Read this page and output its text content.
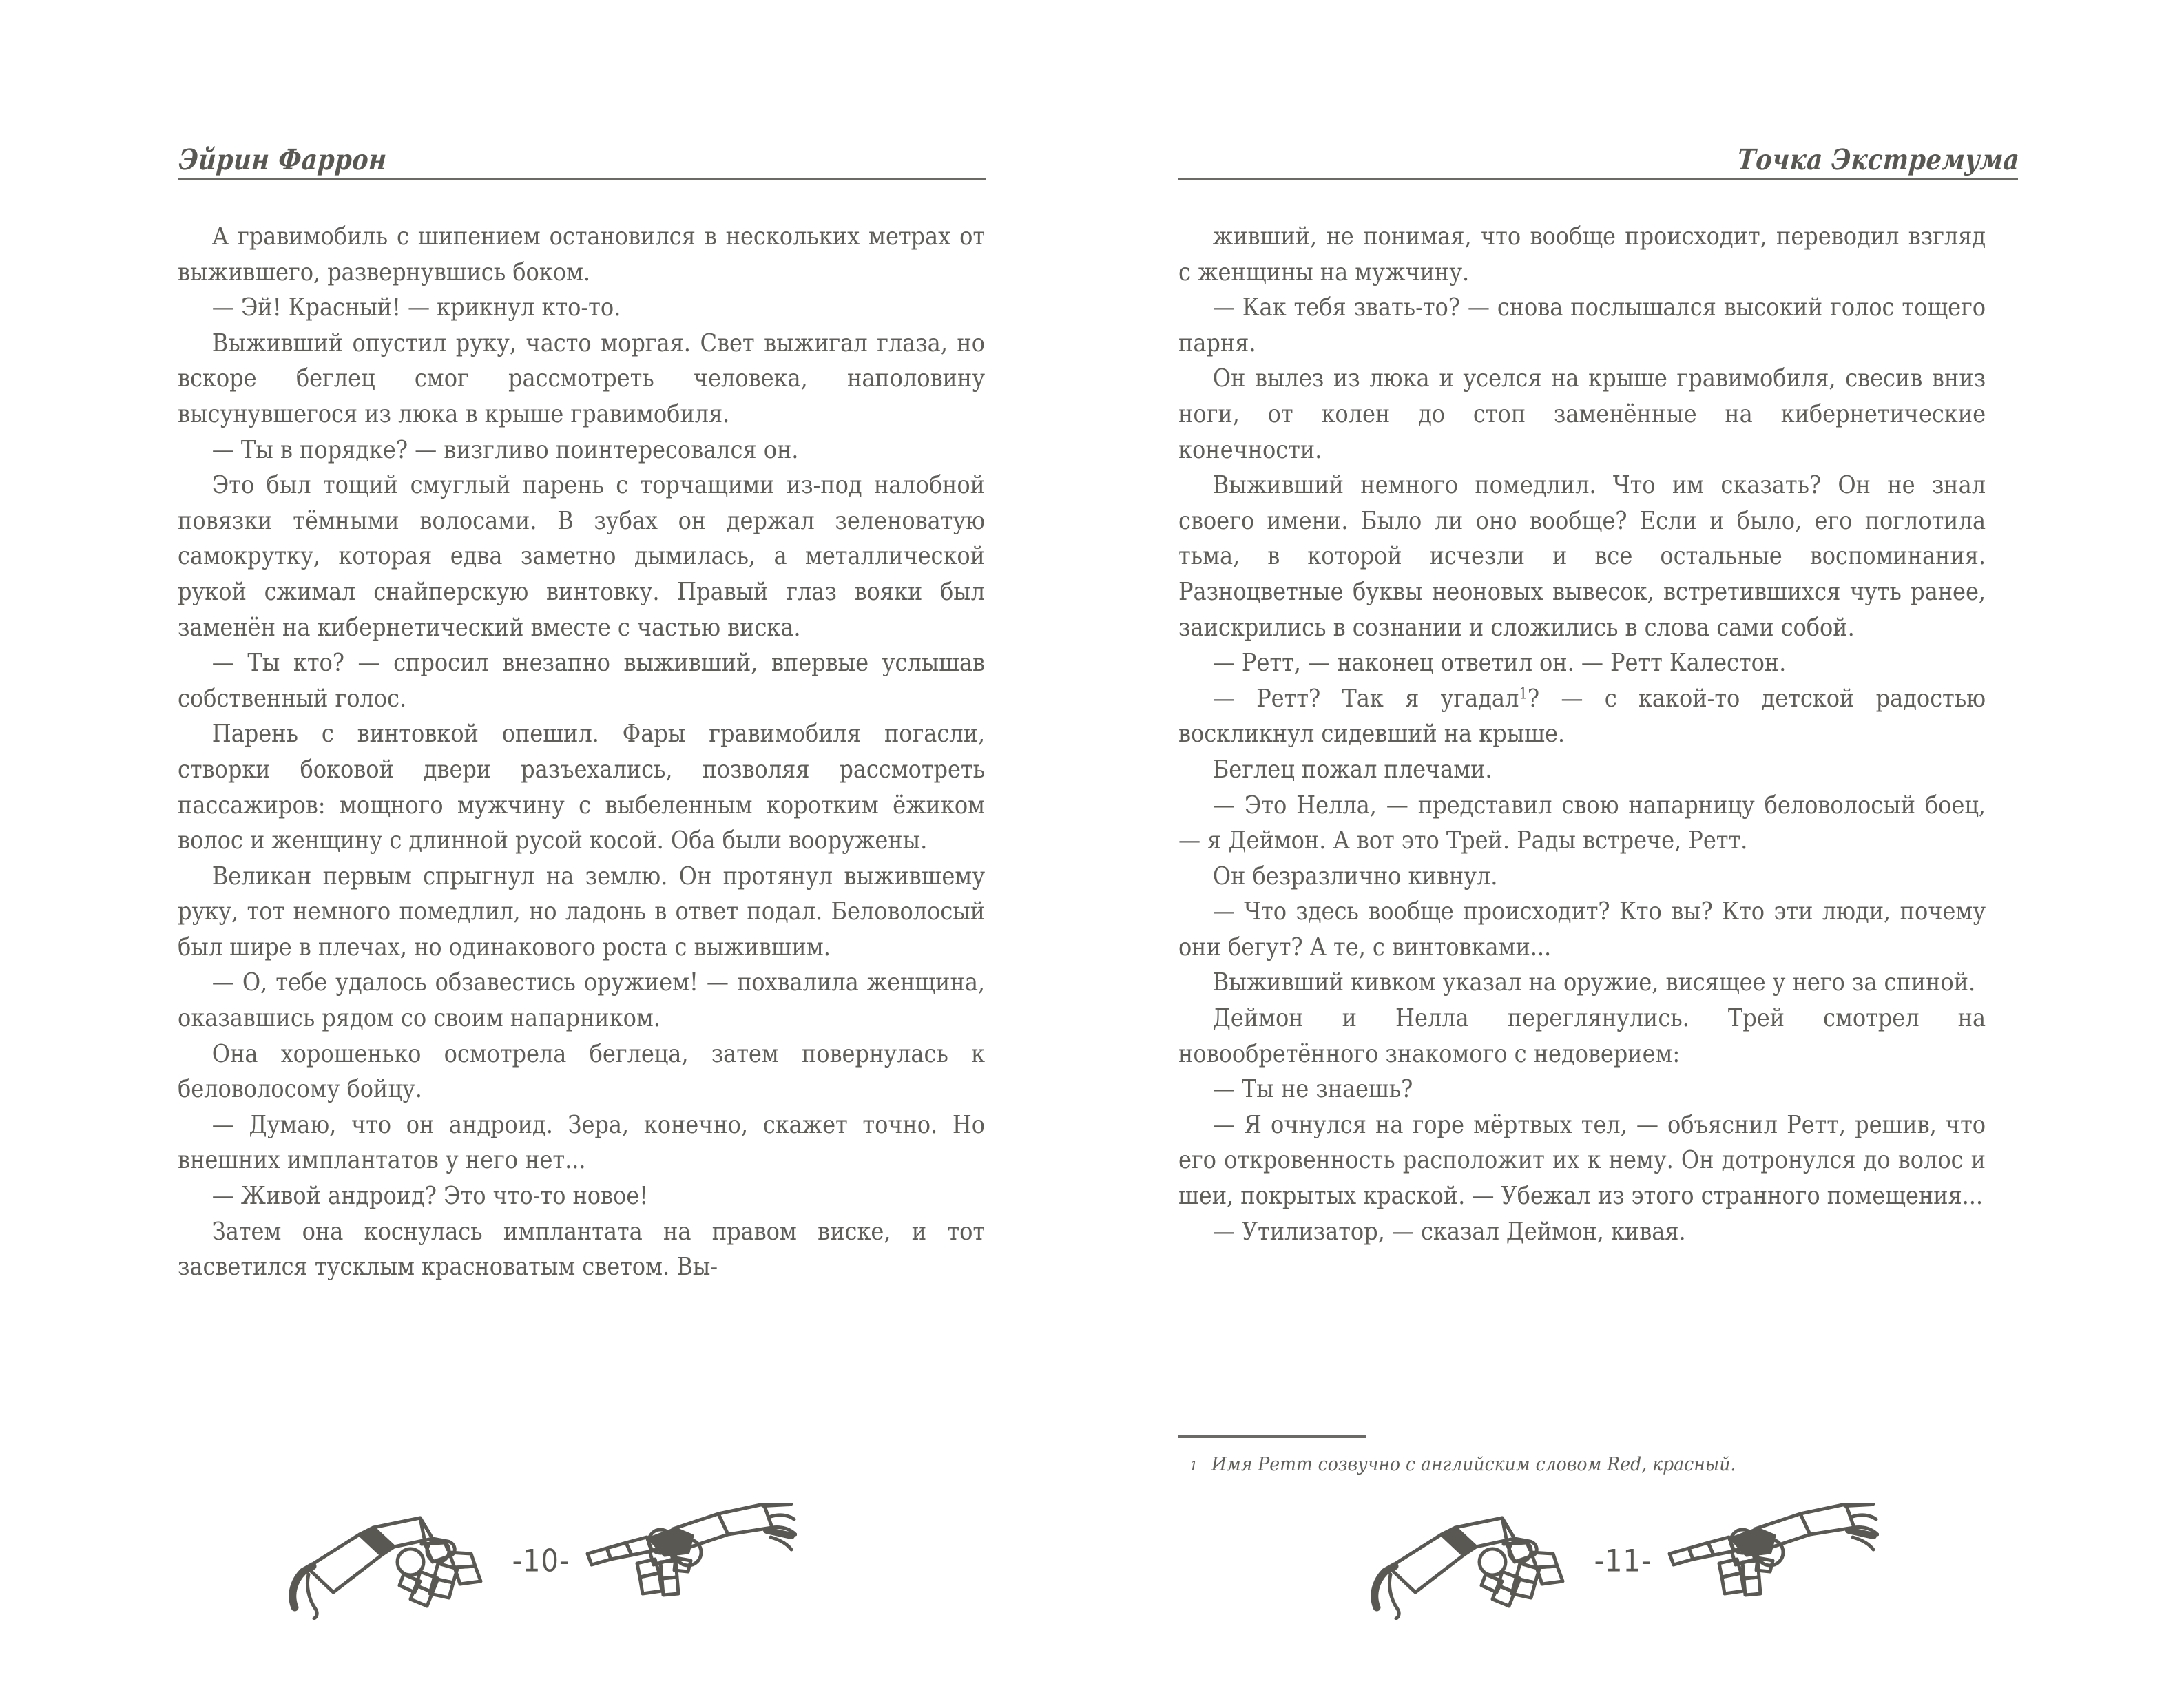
Эйрин Фаррон

А гравимобиль с шипением остановился в нескольких метрах от выжившего, развернувшись боком.

— Эй! Красный! — крикнул кто-то.

Выживший опустил руку, часто моргая. Свет выжигал глаза, но вскоре беглец смог рассмотреть человека, наполовину высунувшегося из люка в крыше гравимобиля.

— Ты в порядке? — визгливо поинтересовался он.

Это был тощий смуглый парень с торчащими из-под налобной повязки тёмными волосами. В зубах он держал зеленоватую самокрутку, которая едва заметно дымилась, а металлической рукой сжимал снайперскую винтовку. Правый глаз вояки был заменён на кибернетический вместе с частью виска.

— Ты кто? — спросил внезапно выживший, впервые услышав собственный голос.

Парень с винтовкой опешил. Фары гравимобиля погасли, створки боковой двери разъехались, позволяя рассмотреть пассажиров: мощного мужчину с выбеленным коротким ёжиком волос и женщину с длинной русой косой. Оба были вооружены.

Великан первым спрыгнул на землю. Он протянул выжившему руку, тот немного помедлил, но ладонь в ответ подал. Беловолосый был шире в плечах, но одинакового роста с выжившим.

— О, тебе удалось обзавестись оружием! — похвалила женщина, оказавшись рядом со своим напарником.

Она хорошенько осмотрела беглеца, затем повернулась к беловолосому бойцу.

— Думаю, что он андроид. Зера, конечно, скажет точно. Но внешних имплантатов у него нет...

— Живой андроид? Это что-то новое!

Затем она коснулась имплантата на правом виске, и тот засветился тусклым красноватым светом. Вы-

-10-
Точка Экстремума

живший, не понимая, что вообще происходит, переводил взгляд с женщины на мужчину.

— Как тебя звать-то? — снова послышался высокий голос тощего парня.

Он вылез из люка и уселся на крыше гравимобиля, свесив вниз ноги, от колен до стоп заменённые на кибернетические конечности.

Выживший немного помедлил. Что им сказать? Он не знал своего имени. Было ли оно вообще? Если и было, его поглотила тьма, в которой исчезли и все остальные воспоминания. Разноцветные буквы неоновых вывесок, встретившихся чуть ранее, заискрились в сознании и сложились в слова сами собой.

— Ретт, — наконец ответил он. — Ретт Калестон.

— Ретт? Так я угадал$^1$? — с какой-то детской радостью воскликнул сидевший на крыше.

Беглец пожал плечами.

— Это Нелла, — представил свою напарницу беловолосый боец, — я Деймон. А вот это Трей. Рады встрече, Ретт.

Он безразлично кивнул.

— Что здесь вообще происходит? Кто вы? Кто эти люди, почему они бегут? А те, с винтовками...

Выживший кивком указал на оружие, висящее у него за спиной.

Деймон и Нелла переглянулись. Трей смотрел на новообретённого знакомого с недоверием:

— Ты не знаешь?

— Я очнулся на горе мёртвых тел, — объяснил Ретт, решив, что его откровенность расположит их к нему. Он дотронулся до волос и шеи, покрытых краской. — Убежал из этого странного помещения...

— Утилизатор, — сказал Деймон, кивая.

1 Имя Ретт созвучно с английским словом Red, красный.
-11-
